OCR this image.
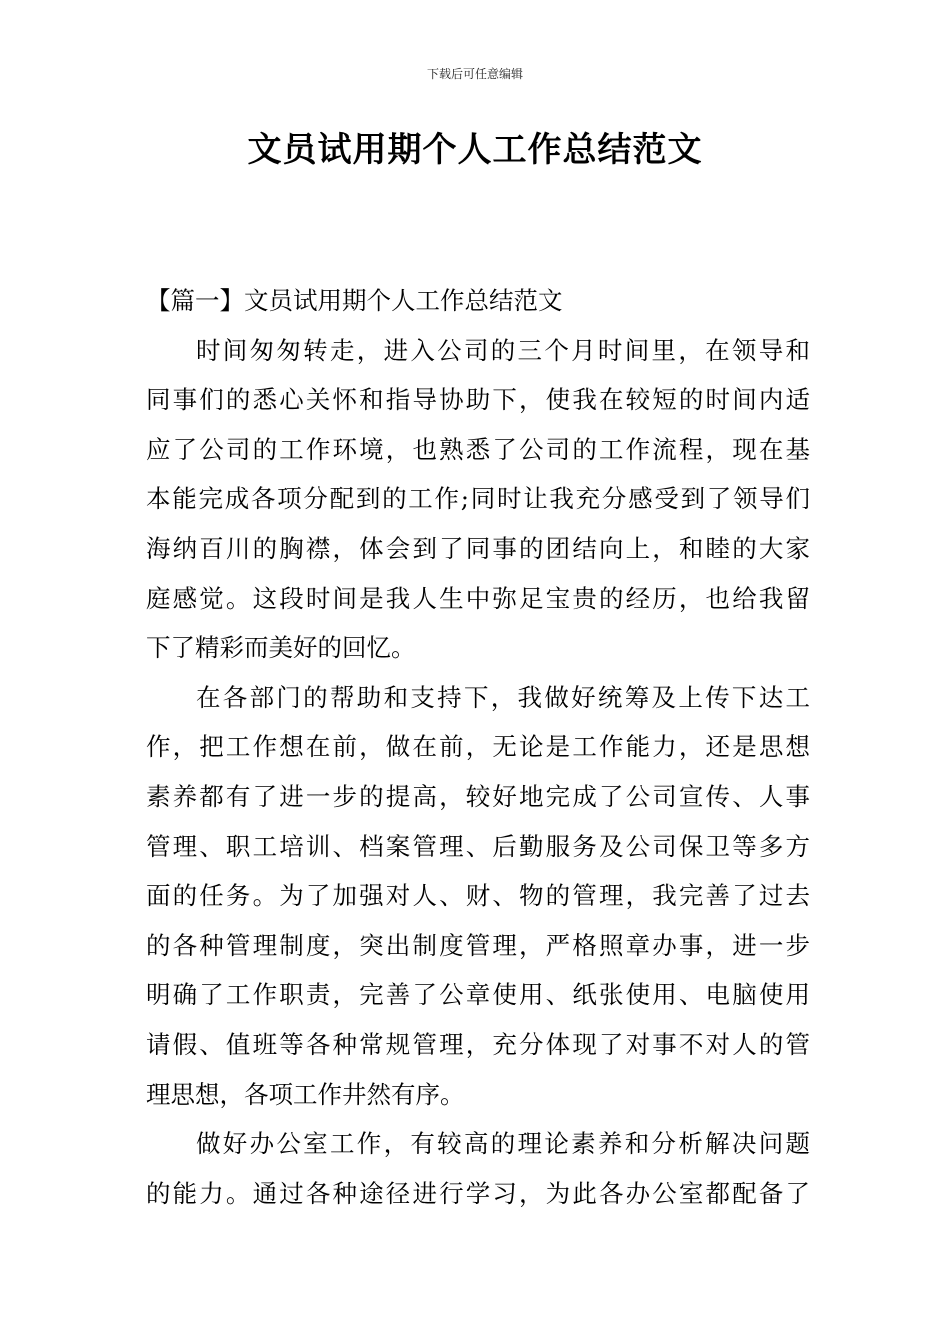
下载后可任意编辑
文员试用期个人工作总结范文
【篇一】文员试用期个人工作总结范文
时间匆匆转走，进入公司的三个月时间里，在领导和
同事们的悉心关怀和指导协助下，使我在较短的时间内适
应了公司的工作环境，也熟悉了公司的工作流程，现在基
本能完成各项分配到的工作;同时让我充分感受到了领导们
海纳百川的胸襟，体会到了同事的团结向上，和睦的大家
庭感觉。这段时间是我人生中弥足宝贵的经历，也给我留
下了精彩而美好的回忆。
在各部门的帮助和支持下，我做好统筹及上传下达工
作，把工作想在前，做在前，无论是工作能力，还是思想
素养都有了进一步的提高，较好地完成了公司宣传、人事
管理、职工培训、档案管理、后勤服务及公司保卫等多方
面的任务。为了加强对人、财、物的管理，我完善了过去
的各种管理制度，突出制度管理，严格照章办事，进一步
明确了工作职责，完善了公章使用、纸张使用、电脑使用
请假、值班等各种常规管理，充分体现了对事不对人的管
理思想，各项工作井然有序。
做好办公室工作，有较高的理论素养和分析解决问题
的能力。通过各种途径进行学习，为此各办公室都配备了
